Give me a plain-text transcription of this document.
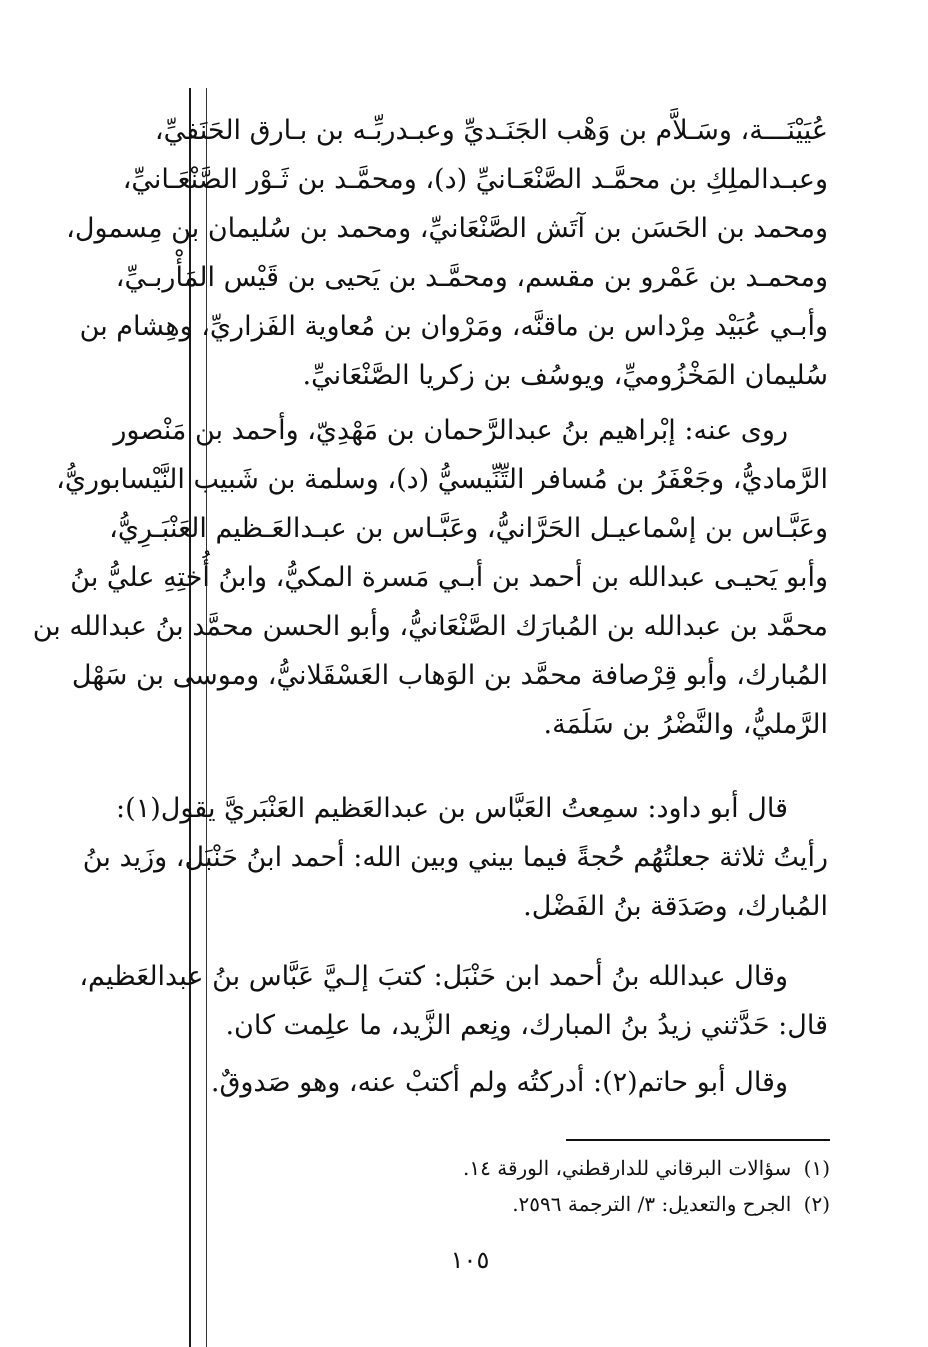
عُيَيْنَـــة، وسَـلاَّم بن وَهْب الجَنَـديِّ وعبـدربِّـه بن بـارق الحَنَفيِّ،
وعبـدالملِكِ بن محمَّـد الصَّنْعَـانيِّ (د)، ومحمَّـد بن ثَـوْر الصَّنْعَـانيِّ،
ومحمد بن الحَسَن بن آتَش الصَّنْعَانيِّ، ومحمد بن سُليمان بن مِسمول،
ومحمـد بن عَمْرو بن مقسم، ومحمَّـد بن يَحيى بن قَيْس المَأْربـيِّ،
وأبـي عُبَيْد مِرْداس بن ماقنَّه، ومَرْوان بن مُعاوية الفَزاريِّ، وهِشام بن
سُليمان المَخْزُوميِّ، ويوسُف بن زكريا الصَّنْعَانيِّ.
روى عنه: إبْراهيم بنُ عبدالرَّحمان بن مَهْدِيّ، وأحمد بن مَنْصور
الرَّماديُّ، وجَعْفَرُ بن مُسافر التِّنِّيسيُّ (د)، وسلمة بن شَبيب النَّيْسابوريُّ،
وعَبَّـاس بن إسْماعيـل الحَرَّانيُّ، وعَبَّـاس بن عبـدالعَـظيم العَنْبَـرِيُّ،
وأبو يَحيـى عبدالله بن أحمد بن أبـي مَسرة المكيُّ، وابنُ أُختِهِ عليُّ بنُ
محمَّد بن عبدالله بن المُبارَك الصَّنْعَانيُّ، وأبو الحسن محمَّد بنُ عبدالله بن
المُبارك، وأبو قِرْصافة محمَّد بن الوَهاب العَسْقَلانيُّ، وموسى بن سَهْل
الرَّمليُّ، والنَّضْرُ بن سَلَمَة.
قال أبو داود: سمِعتُ العَبَّاس بن عبدالعَظيم العَنْبَريَّ يقول(١):
رأيتُ ثلاثة جعلتُهُم حُجةً فيما بيني وبين الله: أحمد ابنُ حَنْبَل، وزَيد بنُ
المُبارك، وصَدَقة بنُ الفَضْل.
وقال عبدالله بنُ أحمد ابن حَنْبَل: كتبَ إلـيَّ عَبَّاس بنُ عبدالعَظيم،
قال: حَدَّثني زيدُ بنُ المبارك، ونِعم الزَّيد، ما علِمت كان.
وقال أبو حاتم(٢): أدركتُه ولم أكتبْ عنه، وهو صَدوقٌ.
(١) سؤالات البرقاني للدارقطني، الورقة ١٤.
(٢) الجرح والتعديل: ٣/ الترجمة ٢٥٩٦.
١٠٥
